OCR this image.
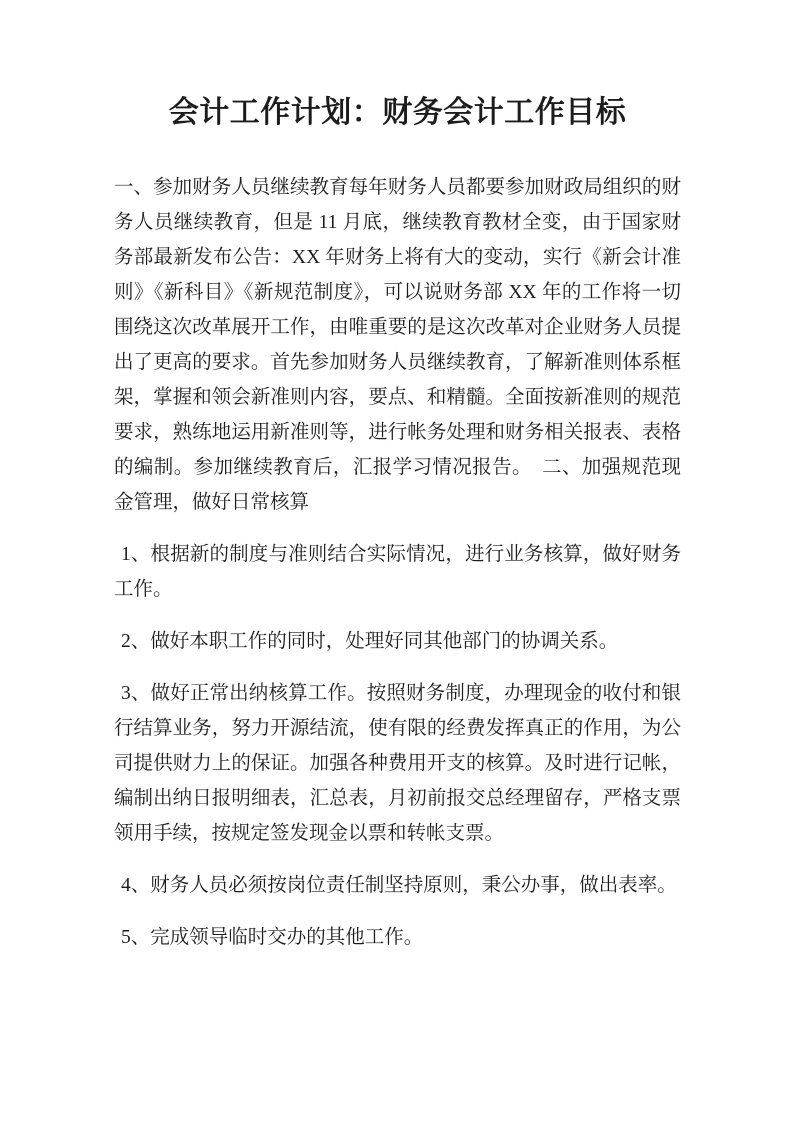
会计工作计划：财务会计工作目标

一、参加财务人员继续教育每年财务人员都要参加财政局组织的财务人员继续教育，但是 11 月底，继续教育教材全变，由于国家财务部最新发布公告：XX 年财务上将有大的变动，实行《新会计准则》《新科目》《新规范制度》，可以说财务部 XX 年的工作将一切围绕这次改革展开工作，由唯重要的是这次改革对企业财务人员提出了更高的要求。首先参加财务人员继续教育，了解新准则体系框架，掌握和领会新准则内容，要点、和精髓。全面按新准则的规范要求，熟练地运用新准则等，进行帐务处理和财务相关报表、表格的编制。参加继续教育后，汇报学习情况报告。　二、加强规范现金管理，做好日常核算

1、根据新的制度与准则结合实际情况，进行业务核算，做好财务工作。

2、做好本职工作的同时，处理好同其他部门的协调关系。

3、做好正常出纳核算工作。按照财务制度，办理现金的收付和银行结算业务，努力开源结流，使有限的经费发挥真正的作用，为公司提供财力上的保证。加强各种费用开支的核算。及时进行记帐，编制出纳日报明细表，汇总表，月初前报交总经理留存，严格支票领用手续，按规定签发现金以票和转帐支票。

4、财务人员必须按岗位责任制坚持原则，秉公办事，做出表率。

5、完成领导临时交办的其他工作。
